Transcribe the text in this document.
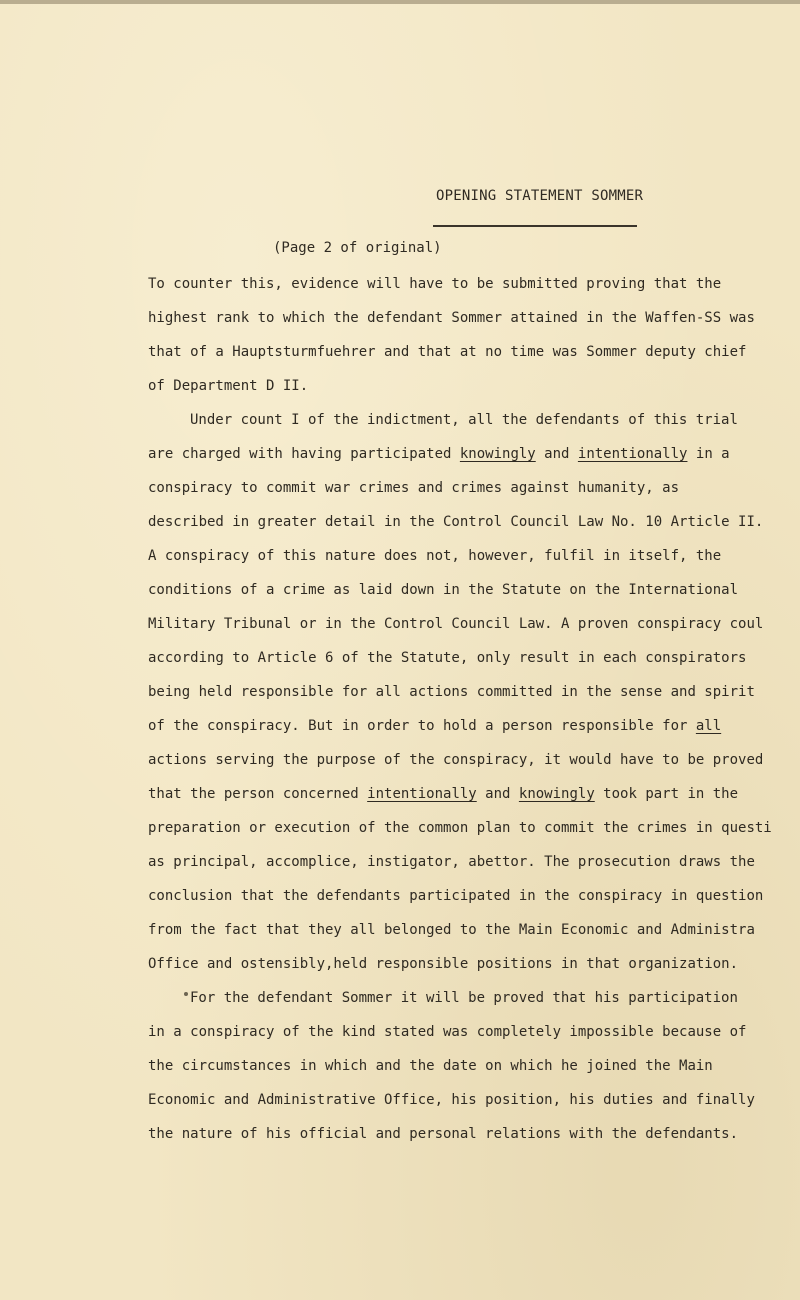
OPENING STATEMENT SOMMER
(Page 2 of original)
To counter this, evidence will have to be submitted proving that the
highest rank to which the defendant Sommer attained in the Waffen-SS was
that of a Hauptsturmfuehrer and that at no time was Sommer deputy chief
of Department D II.
Under count I of the indictment, all the defendants of this trial
are charged with having participated knowingly and intentionally in a
conspiracy to commit war crimes and crimes against humanity, as
described in greater detail in the Control Council Law No. 10 Article II.
A conspiracy of this nature does not, however, fulfil in itself, the
conditions of a crime as laid down in the Statute on the International
Military Tribunal or in the Control Council Law. A proven conspiracy coul
according to Article 6 of the Statute, only result in each conspirators
being held responsible for all actions committed in the sense and spirit
of the conspiracy. But in order to hold a person responsible for all
actions serving the purpose of the conspiracy, it would have to be proved
that the person concerned intentionally and knowingly took part in the
preparation or execution of the common plan to commit the crimes in questi
as principal, accomplice, instigator, abettor. The prosecution draws the
conclusion that the defendants participated in the conspiracy in question
from the fact that they all belonged to the Main Economic and Administra
Office and ostensibly,held responsible positions in that organization.
For the defendant Sommer it will be proved that his participation
in a conspiracy of the kind stated was completely impossible because of
the circumstances in which and the date on which he joined the Main
Economic and Administrative Office, his position, his duties and finally
the nature of his official and personal relations with the defendants.
